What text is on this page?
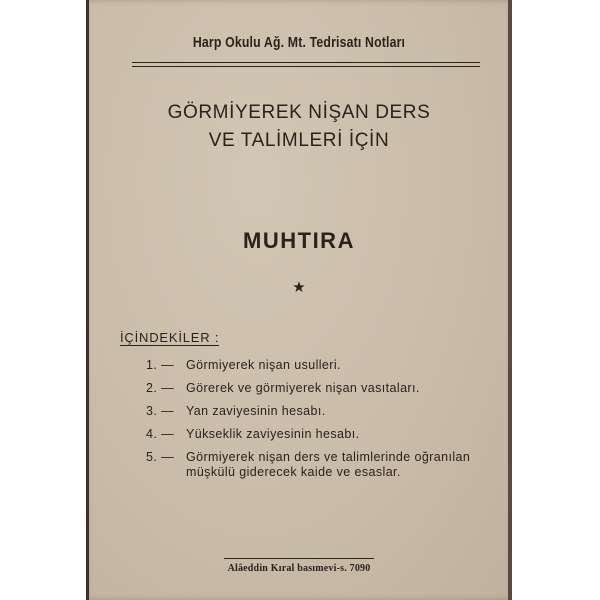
Harp Okulu Ağ. Mt. Tedrisatı Notları
GÖRMİYEREK NİŞAN DERS
VE TALİMLERİ İÇİN
MUHTIRA
★
İÇİNDEKİLER :
1. — Görmiyerek nişan usulleri.
2. — Görerek ve görmiyerek nişan vasıtaları.
3. — Yan zaviyesinin hesabı.
4. — Yükseklik zaviyesinin hesabı.
5. — Görmiyerek nişan ders ve talimlerinde oğranılan müşkülü giderecek kaide ve esaslar.
Alâeddin Kıral basımevi-s. 7090
